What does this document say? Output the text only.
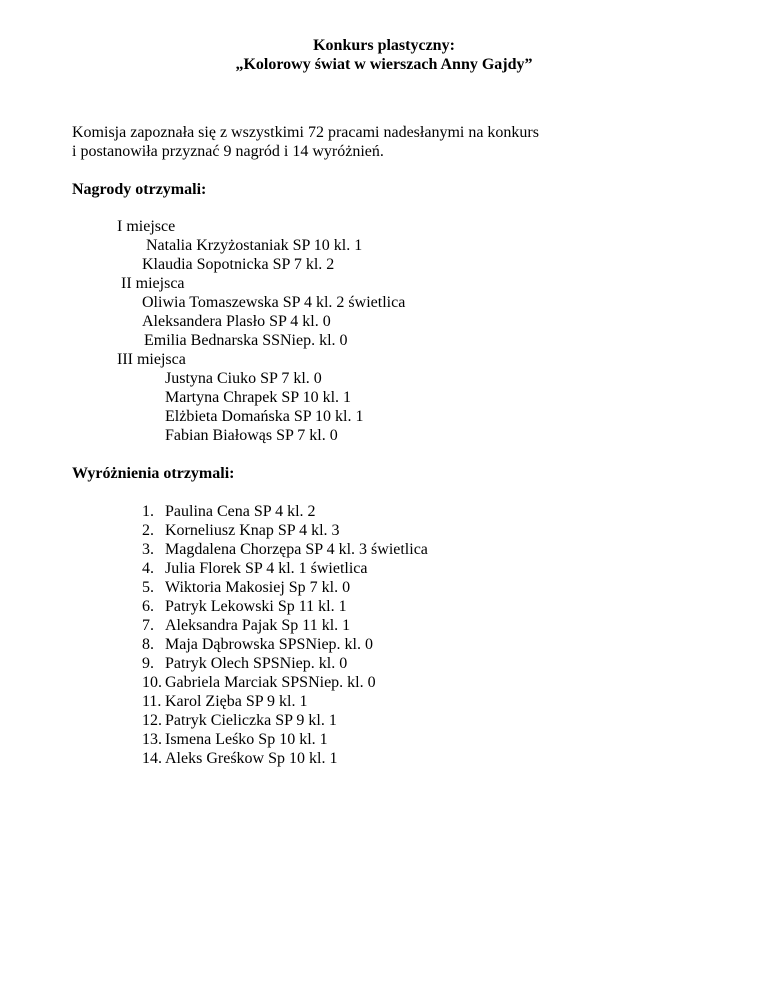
Konkurs plastyczny:
„Kolorowy świat w wierszach Anny Gajdy”
Komisja zapoznała się z wszystkimi 72 pracami nadesłanymi na konkurs
i postanowiła przyznać 9 nagród i 14 wyróżnień.
Nagrody otrzymali:
I miejsce
Natalia Krzyżostaniak SP 10 kl. 1
Klaudia Sopotnicka SP 7 kl. 2
II miejsca
Oliwia Tomaszewska SP 4 kl. 2 świetlica
Aleksandera Plasło SP 4 kl. 0
Emilia Bednarska SSNiep. kl. 0
III miejsca
Justyna Ciuko SP 7 kl. 0
Martyna Chrapek SP 10 kl. 1
Elżbieta Domańska SP 10 kl. 1
Fabian Białowąs SP 7 kl. 0
Wyróżnienia otrzymali:
1. Paulina Cena SP 4 kl. 2
2. Korneliusz Knap SP 4 kl. 3
3. Magdalena Chorzępa SP 4 kl. 3 świetlica
4. Julia Florek SP 4 kl. 1 świetlica
5. Wiktoria Makosiej Sp 7 kl. 0
6. Patryk Lekowski Sp 11 kl. 1
7. Aleksandra Pajak Sp 11 kl. 1
8. Maja Dąbrowska SPSNiep. kl. 0
9. Patryk Olech SPSNiep. kl. 0
10. Gabriela Marciak SPSNiep. kl. 0
11. Karol Zięba SP 9 kl. 1
12. Patryk Cieliczka SP 9 kl. 1
13. Ismena Leśko Sp 10 kl. 1
14. Aleks Greśkow Sp 10 kl. 1
